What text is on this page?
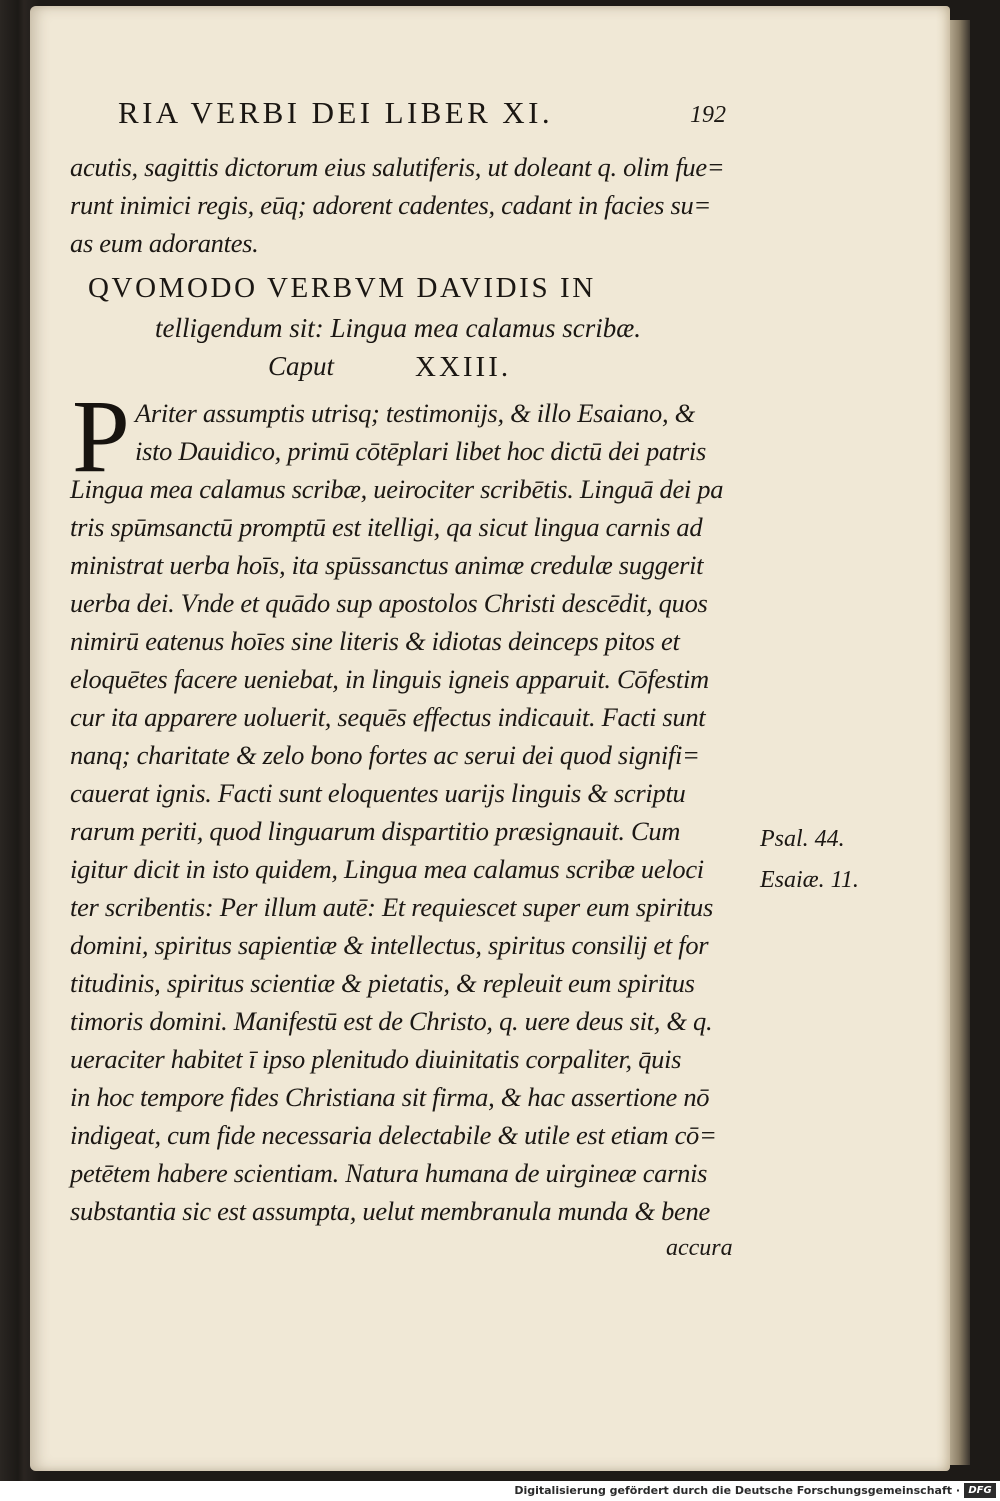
RIA VERBI DEI LIBER XI.	192
acutis, sagittis dictorum eius salutiferis, ut doleant q. olim fue=
runt inimici regis, eūq; adorent cadentes, cadant in facies su=
as eum adorantes.
QVOMODO VERBVM DAVIDIS IN
telligendum sit: Lingua mea calamus scribæ.
Caput	XXIII.
P Ariter assumptis utrisq; testimonijs, & illo Esaiano, &
isto Dauidico, primū cōtēplari libet hoc dictū dei patris
Lingua mea calamus scribæ, ueirociter scribētis. Linguā dei pa
tris spūmsanctū promptū est itelligi, qa sicut lingua carnis ad
ministrat uerba hoīs, ita spūssanctus animæ credulæ suggerit
uerba dei. Vnde et quādo sup apostolos Christi descēdit, quos
nimirū eatenus hoīes sine literis & idiotas deinceps pitos et
eloquētes facere ueniebat, in linguis igneis apparuit. Cōfestim
cur ita apparere uoluerit, sequēs effectus indicauit. Facti sunt
nanq; charitate & zelo bono fortes ac serui dei quod signifi=
cauerat ignis. Facti sunt eloquentes uarijs linguis & scriptu
rarum periti, quod linguarum dispartitio præsignauit. Cum
igitur dicit in isto quidem, Lingua mea calamus scribæ ueloci
ter scribentis: Per illum autē: Et requiescet super eum spiritus
domini, spiritus sapientiæ & intellectus, spiritus consilij et for
titudinis, spiritus scientiæ & pietatis, & repleuit eum spiritus
timoris domini. Manifestū est de Christo, q. uere deus sit, & q.
ueraciter habitet ī ipso plenitudo diuinitatis corpaliter, q̄uis
in hoc tempore fides Christiana sit firma, & hac assertione nō
indigeat, cum fide necessaria delectabile & utile est etiam cō=
petētem habere scientiam. Natura humana de uirgineæ carnis
substantia sic est assumpta, uelut membranula munda & bene
accura
Psal. 44.
Esaiæ. 11.
Digitalisierung gefördert durch die Deutsche Forschungsgemeinschaft · DFG
